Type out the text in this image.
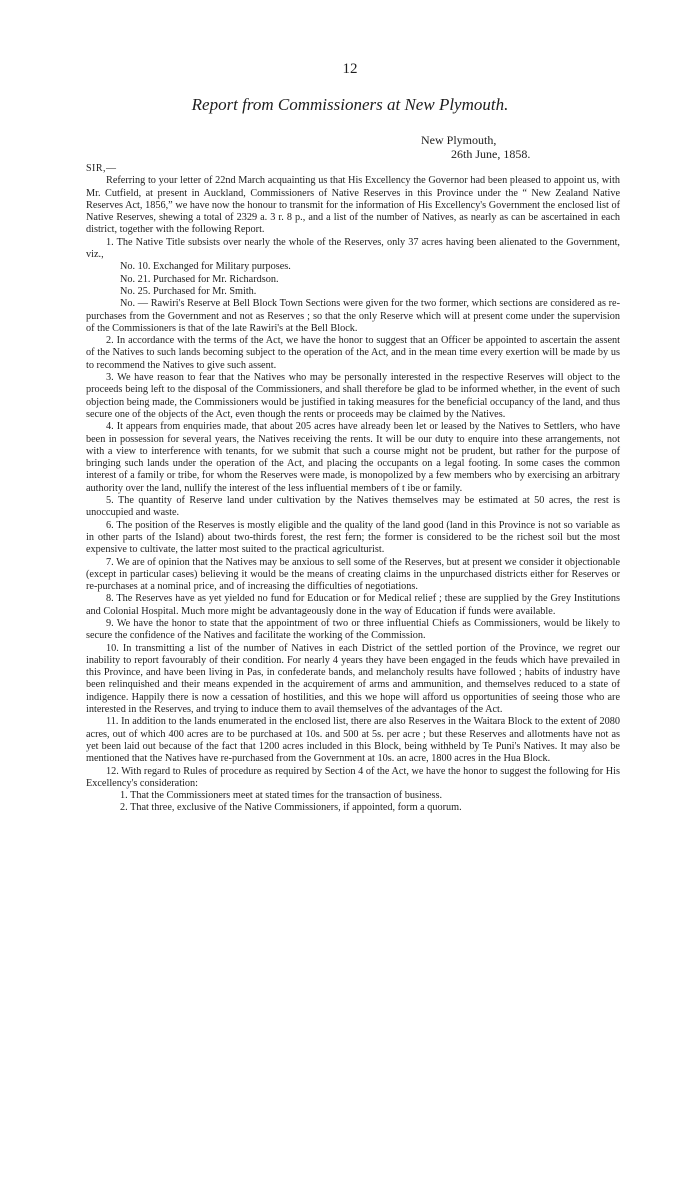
12
Report from Commissioners at New Plymouth.
New Plymouth,
26th June, 1858.

SIR,—

Referring to your letter of 22nd March acquainting us that His Excellency the Governor had been pleased to appoint us, with Mr. Cutfield, at present in Auckland, Commissioners of Native Reserves in this Province under the “ New Zealand Native Reserves Act, 1856,” we have now the honour to transmit for the information of His Excellency's Government the enclosed list of Native Reserves, shewing a total of 2329 a. 3 r. 8 p., and a list of the number of Natives, as nearly as can be ascertained in each district, together with the following Report.

1. The Native Title subsists over nearly the whole of the Reserves, only 37 acres having been alienated to the Government, viz.,

No. 10. Exchanged for Military purposes.

No. 21. Purchased for Mr. Richardson.

No. 25. Purchased for Mr. Smith.

No. — Rawiri's Reserve at Bell Block Town Sections were given for the two former, which sections are considered as re-purchases from the Government and not as Reserves ; so that the only Reserve which will at present come under the supervision of the Commissioners is that of the late Rawiri's at the Bell Block.

2. In accordance with the terms of the Act, we have the honor to suggest that an Officer be appointed to ascertain the assent of the Natives to such lands becoming subject to the operation of the Act, and in the mean time every exertion will be made by us to recommend the Natives to give such assent.

3. We have reason to fear that the Natives who may be personally interested in the respective Reserves will object to the proceeds being left to the disposal of the Commissioners, and shall therefore be glad to be informed whether, in the event of such objection being made, the Commissioners would be justified in taking measures for the beneficial occupancy of the land, and thus secure one of the objects of the Act, even though the rents or proceeds may be claimed by the Natives.

4. It appears from enquiries made, that about 205 acres have already been let or leased by the Natives to Settlers, who have been in possession for several years, the Natives receiving the rents. It will be our duty to enquire into these arrangements, not with a view to interference with tenants, for we submit that such a course might not be prudent, but rather for the purpose of bringing such lands under the operation of the Act, and placing the occupants on a legal footing. In some cases the common interest of a family or tribe, for whom the Reserves were made, is monopolized by a few members who by exercising an arbitrary authority over the land, nullify the interest of the less influential members of t ibe or family.

5. The quantity of Reserve land under cultivation by the Natives themselves may be estimated at 50 acres, the rest is unoccupied and waste.

6. The position of the Reserves is mostly eligible and the quality of the land good (land in this Province is not so variable as in other parts of the Island) about two-thirds forest, the rest fern; the former is considered to be the richest soil but the most expensive to cultivate, the latter most suited to the practical agriculturist.

7. We are of opinion that the Natives may be anxious to sell some of the Reserves, but at present we consider it objectionable (except in particular cases) believing it would be the means of creating claims in the unpurchased districts either for Reserves or re-purchases at a nominal price, and of increasing the difficulties of negotiations.

8. The Reserves have as yet yielded no fund for Education or for Medical relief ; these are supplied by the Grey Institutions and Colonial Hospital. Much more might be advantageously done in the way of Education if funds were available.

9. We have the honor to state that the appointment of two or three influential Chiefs as Commissioners, would be likely to secure the confidence of the Natives and facilitate the working of the Commission.

10. In transmitting a list of the number of Natives in each District of the settled portion of the Province, we regret our inability to report favourably of their condition. For nearly 4 years they have been engaged in the feuds which have prevailed in this Province, and have been living in Pas, in confederate bands, and melancholy results have followed ; habits of industry have been relinquished and their means expended in the acquirement of arms and ammunition, and themselves reduced to a state of indigence. Happily there is now a cessation of hostilities, and this we hope will afford us opportunities of seeing those who are interested in the Reserves, and trying to induce them to avail themselves of the advantages of the Act.

11. In addition to the lands enumerated in the enclosed list, there are also Reserves in the Waitara Block to the extent of 2080 acres, out of which 400 acres are to be purchased at 10s. and 500 at 5s. per acre ; but these Reserves and allotments have not as yet been laid out because of the fact that 1200 acres included in this Block, being withheld by Te Puni's Natives. It may also be mentioned that the Natives have re-purchased from the Government at 10s. an acre, 1800 acres in the Hua Block.

12. With regard to Rules of procedure as required by Section 4 of the Act, we have the honor to suggest the following for His Excellency's consideration:

1. That the Commissioners meet at stated times for the transaction of business.

2. That three, exclusive of the Native Commissioners, if appointed, form a quorum.
